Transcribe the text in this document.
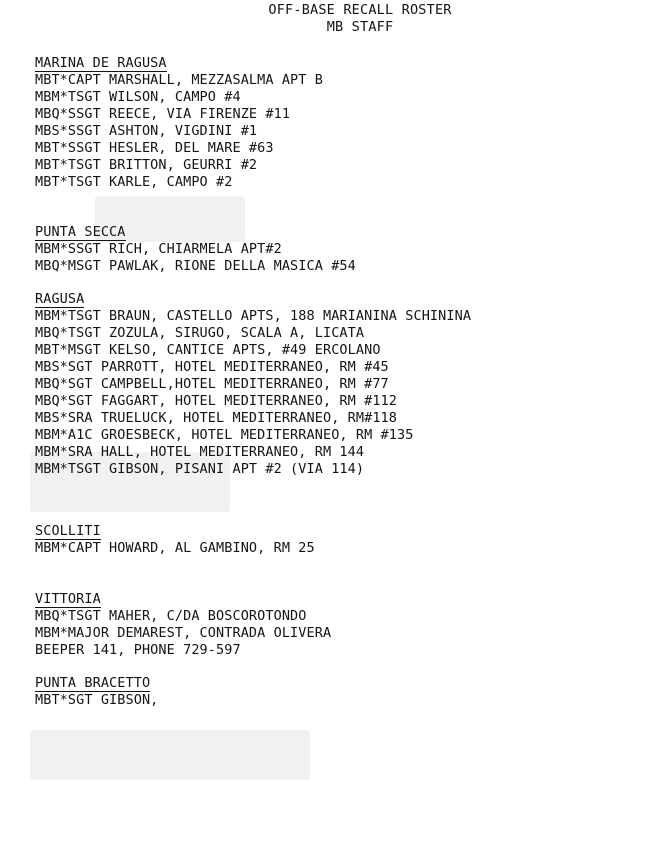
OFF-BASE RECALL ROSTER
MB STAFF
MARINA DE RAGUSA
MBT*CAPT MARSHALL, MEZZASALMA APT B
MBM*TSGT WILSON, CAMPO #4
MBQ*SSGT REECE, VIA FIRENZE #11
MBS*SSGT ASHTON, VIGDINI #1
MBT*SSGT HESLER, DEL MARE #63
MBT*TSGT BRITTON, GEURRI #2
MBT*TSGT KARLE, CAMPO #2
PUNTA SECCA
MBM*SSGT RICH, CHIARMELA APT#2
MBQ*MSGT PAWLAK, RIONE DELLA MASICA #54
RAGUSA
MBM*TSGT BRAUN, CASTELLO APTS, 188 MARIANINA SCHININA
MBQ*TSGT ZOZULA, SIRUGO, SCALA A, LICATA
MBT*MSGT KELSO, CANTICE APTS, #49 ERCOLANO
MBS*SGT PARROTT, HOTEL MEDITERRANEO, RM #45
MBQ*SGT CAMPBELL,HOTEL MEDITERRANEO, RM #77
MBQ*SGT FAGGART, HOTEL MEDITERRANEO, RM #112
MBS*SRA TRUELUCK, HOTEL MEDITERRANEO, RM#118
MBM*A1C GROESBECK, HOTEL MEDITERRANEO, RM #135
MBM*SRA HALL, HOTEL MEDITERRANEO, RM 144
MBM*TSGT GIBSON, PISANI APT #2 (VIA 114)
SCOLLITI
MBM*CAPT HOWARD, AL GAMBINO, RM 25
VITTORIA
MBQ*TSGT MAHER, C/DA BOSCOROTONDO
MBM*MAJOR DEMAREST, CONTRADA OLIVERA
BEEPER 141, PHONE 729-597
PUNTA BRACETTO
MBT*SGT GIBSON,
